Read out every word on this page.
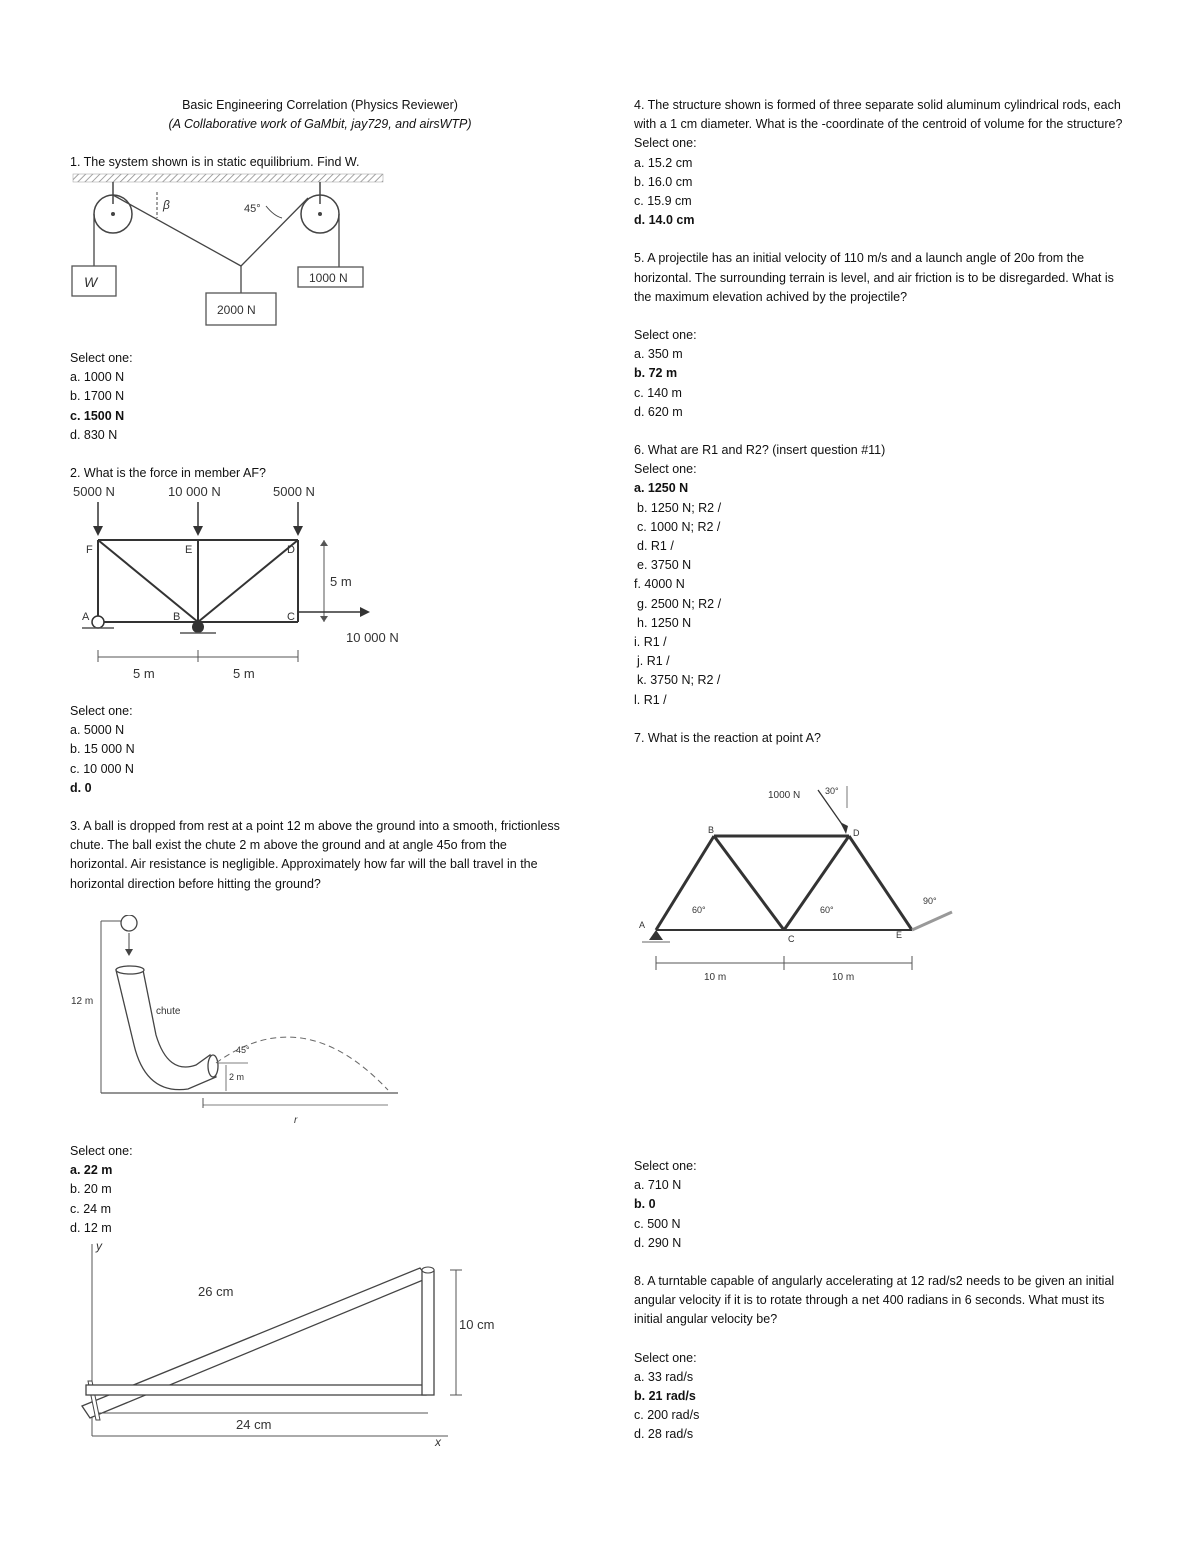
Basic Engineering Correlation (Physics Reviewer)

(A Collaborative work of GaMbit, jay729, and airsWTP)

1. The system shown is in static equilibrium. Find W.

W	1000 N
2000 N
β	45°

Select one:

a. 1000 N

b. 1700 N

c. 1500 N

d. 830 N

2. What is the force in member AF?

5000 N	10 000 N	5000 N
A	B	C
D
E
F
5 m
10 000 N
5 m	5 m

Select one:

a. 5000 N

b. 15 000 N

c. 10 000 N

d. 0

3. A ball is dropped from rest at a point 12 m above the ground into a smooth, frictionless chute. The ball exist the chute 2 m above the ground and at angle 45o from the horizontal. Air resistance is negligible. Approximately how far will the ball travel in the horizontal direction before hitting the ground?

12 m
chute
45°
2 m
r

Select one:

a. 22 m

b. 20 m

c. 24 m

d. 12 m

y
x
26 cm
24 cm
10 cm

4. The structure shown is formed of three separate solid aluminum cylindrical rods, each with a 1 cm diameter. What is the -coordinate of the centroid of volume for the structure?

Select one:

a. 15.2 cm

b. 16.0 cm

c. 15.9 cm

d. 14.0 cm

5. A projectile has an initial velocity of 110 m/s and a launch angle of 20o from the horizontal. The surrounding terrain is level, and air friction is to be disregarded. What is the maximum elevation achived by the projectile?

Select one:

a. 350 m

b. 72 m

c. 140 m

d. 620 m

6. What are R1 and R2? (insert question #11)

Select one:

a. 1250 N

b. 1250 N; R2 /

c. 1000 N; R2 /

d. R1 /

e. 3750 N

f. 4000 N

g. 2500 N; R2 /

h. 1250 N

i. R1 /

j. R1 /

k. 3750 N; R2 /

l. R1 /

7. What is the reaction at point A?

1000 N	30°
A
B
C
D
E
60°	60°
90°
10 m	10 m

Select one:

a. 710 N

b. 0

c. 500 N

d. 290 N

8. A turntable capable of angularly accelerating at 12 rad/s2 needs to be given an initial angular velocity if it is to rotate through a net 400 radians in 6 seconds. What must its initial angular velocity be?

Select one:

a. 33 rad/s

b. 21 rad/s

c. 200 rad/s

d. 28 rad/s
